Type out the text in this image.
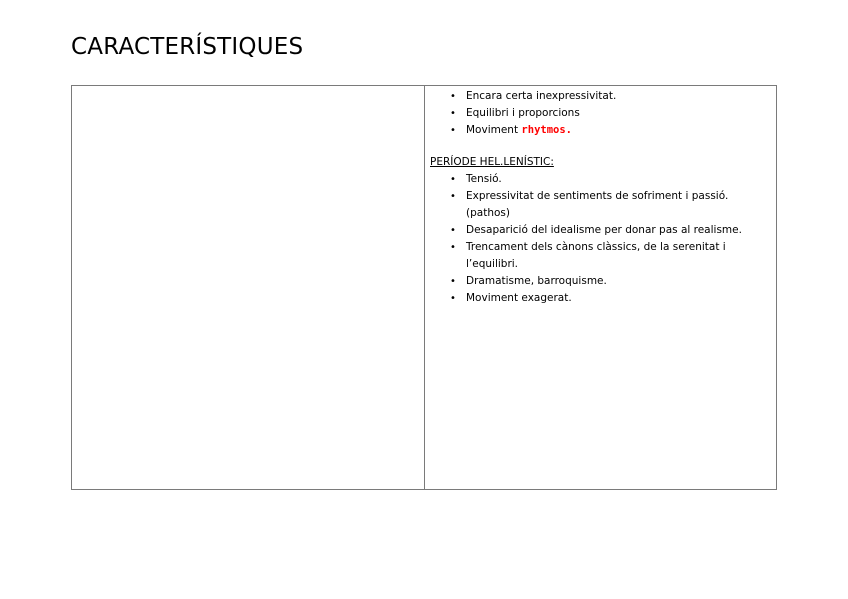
CARACTERÍSTIQUES
• Encara certa inexpressivitat.
• Equilibri i proporcions
• Moviment rhytmos.
PERÍODE HEL.LENÍSTIC:
• Tensió.
• Expressivitat de sentiments de sofriment i passió. (pathos)
• Desaparició del idealisme per donar pas al realisme.
• Trencament dels cànons clàssics, de la serenitat i l’equilibri.
• Dramatisme, barroquisme.
• Moviment exagerat.
